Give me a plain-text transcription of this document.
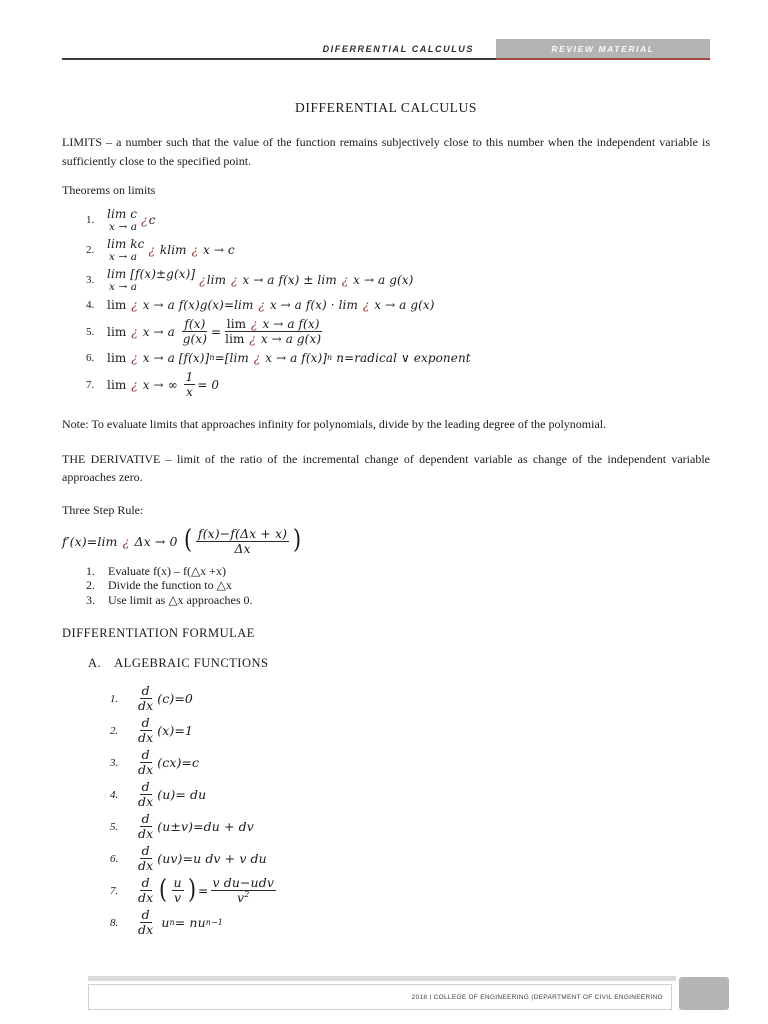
DIFERRENTIAL CALCULUS	REVIEW MATERIAL
DIFFERENTIAL CALCULUS

LIMITS – a number such that the value of the function remains subjectively close to this number when the independent variable is sufficiently close to the specified point.

Theorems on limits
1.	lim c
x → a ¿ c
2.	lim kc
x → a ¿ klim ¿ x → c
3.	lim [f(x)±g(x)]
x → a	¿ lim ¿ x → a f(x) ± lim ¿ x → a g(x)
4.	lim ¿ x → a f(x)g(x)=lim ¿ x → a f(x) · lim ¿ x → a g(x)
5.	lim ¿ x → a $\frac{f(x)}{g(x)} = \frac{\text{lim ¿ x → a f(x)}}{\text{lim ¿ x → a g(x)}}$
6.	lim ¿ x → a [f(x)] n =[lim ¿ x → a f(x)] n n=radical ∨ exponent
7.	lim ¿ x → ∞ $\frac{1}{x} = 0$

Note: To evaluate limits that approaches infinity for polynomials, divide by the leading degree of the polynomial.

THE DERIVATIVE – limit of the ratio of the incremental change of dependent variable as change of the independent variable approaches zero.

Three Step Rule:
f′(x)=lim ¿ Δx → 0 ( $\frac{f(x)-f(\Delta x + x)}{\Delta x}$ )
1.	Evaluate f(x) – f(△x +x)
2.	Divide the function to △x
3.	Use limit as △x approaches 0.
DIFFERENTIATION FORMULAE
A. ALGEBRAIC FUNCTIONS
1.	$\frac{d}{dx} (c)=0$
2.	$\frac{d}{dx} (x)=1$
3.	$\frac{d}{dx} (cx)=c$
4.	$\frac{d}{dx} (u)=$ du
5.	$\frac{d}{dx} (u\pm v)=du$ + dv
6.	$\frac{d}{dx} (uv)=u$ dv + v du
7.	$\frac{d}{dx}$ ( $\frac{u}{v}$ ) = $\frac{\text{v du−udv}}{v^2}$
8.	$\frac{d}{dx}$ u n = nu n−1
2018 I COLLEGE OF ENGINEERING (DEPARTMENT OF CIVIL ENGINEERING
